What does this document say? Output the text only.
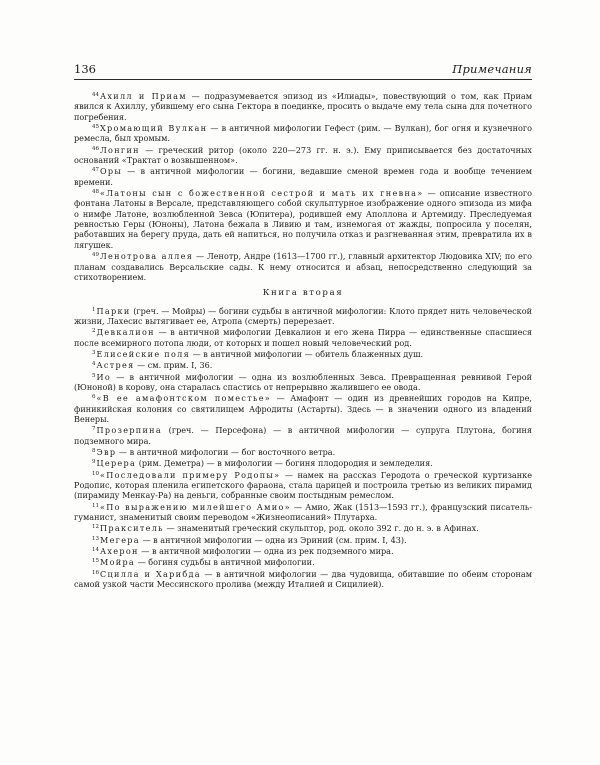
136	Примечания

$^{44}$Ахилл и Приам — подразумевается эпизод из «Илиады», повествующий о том, как Приам явился к Ахиллу, убившему его сына Гектора в поединке, просить о выдаче ему тела сына для почетного погребения.

$^{45}$Хромающий Вулкан — в античной мифологии Гефест (рим. — Вулкан), бог огня и кузнечного ремесла, был хромым.

$^{46}$Лонгин — греческий ритор (около 220—273 гг. н. э.). Ему приписывается без достаточных оснований «Трактат о возвышенном».

$^{47}$Оры — в античной мифологии — богини, ведавшие сменой времен года и вообще течением времени.

$^{48}$«Латоны сын с божественной сестрой и мать их гневна» — описание известного фонтана Латоны в Версале, представляющего собой скульптурное изображение одного эпизода из мифа о нимфе Латоне, возлюбленной Зевса (Юпитера), родившей ему Аполлона и Артемиду. Преследуемая ревностью Геры (Юноны), Латона бежала в Ливию и там, изнемогая от жажды, попросила у поселян, работавших на берегу пруда, дать ей напиться, но получила отказ и разгневанная этим, превратила их в лягушек.

$^{49}$Ленотрова аллея — Ленотр, Андре (1613—1700 гг.), главный архитектор Людовика XIV; по его планам создавались Версальские сады. К нему относится и абзац, непосредственно следующий за стихотворением.

Книга вторая

$^1$Парки (греч. — Мойры) — богини судьбы в античной мифологии: Клото прядет нить человеческой жизни, Лахесис вытягивает ее, Атропа (смерть) перерезает.

$^2$Девкалион — в античной мифологии Девкалион и его жена Пирра — единственные спасшиеся после всемирного потопа люди, от которых и пошел новый человеческий род.

$^3$Елисейские поля — в античной мифологии — обитель блаженных душ.

$^4$Астрея — см. прим. I, 36.

$^5$Ио — в античной мифологии — одна из возлюбленных Зевса. Превращенная ревнивой Герой (Юноной) в корову, она старалась спастись от непрерывно жалившего ее овода.

$^6$«В ее амафонтском поместье» — Амафонт — один из древнейших городов на Кипре, финикийская колония со святилищем Афродиты (Астарты). Здесь — в значении одного из владений Венеры.

$^7$Прозерпина (греч. — Персефона) — в античной мифологии — супруга Плутона, богиня подземного мира.

$^8$Эвр — в античной мифологии — бог восточного ветра.

$^9$Церера (рим. Деметра) — в мифологии — богиня плодородия и земледелия.

$^{10}$«Последовали примеру Родопы» — намек на рассказ Геродота о греческой куртизанке Родопис, которая пленила египетского фараона, стала царицей и построила третью из великих пирамид (пирамиду Менкау-Ра) на деньги, собранные своим постыдным ремеслом.

$^{11}$«По выражению милейшего Амио» — Амио, Жак (1513—1593 гг.), французский писатель-гуманист, знаменитый своим переводом «Жизнеописаний» Плутарха.

$^{12}$Пракситель — знаменитый греческий скульптор, род. около 392 г. до н. э. в Афинах.

$^{13}$Мегера — в античной мифологии — одна из Эриний (см. прим. I, 43).

$^{14}$Ахерон — в античной мифологии — одна из рек подземного мира.

$^{15}$Мойра — богиня судьбы в античной мифологии.

$^{16}$Сцилла и Харибда — в античной мифологии — два чудовища, обитавшие по обеим сторонам самой узкой части Мессинского пролива (между Италией и Сицилией).
